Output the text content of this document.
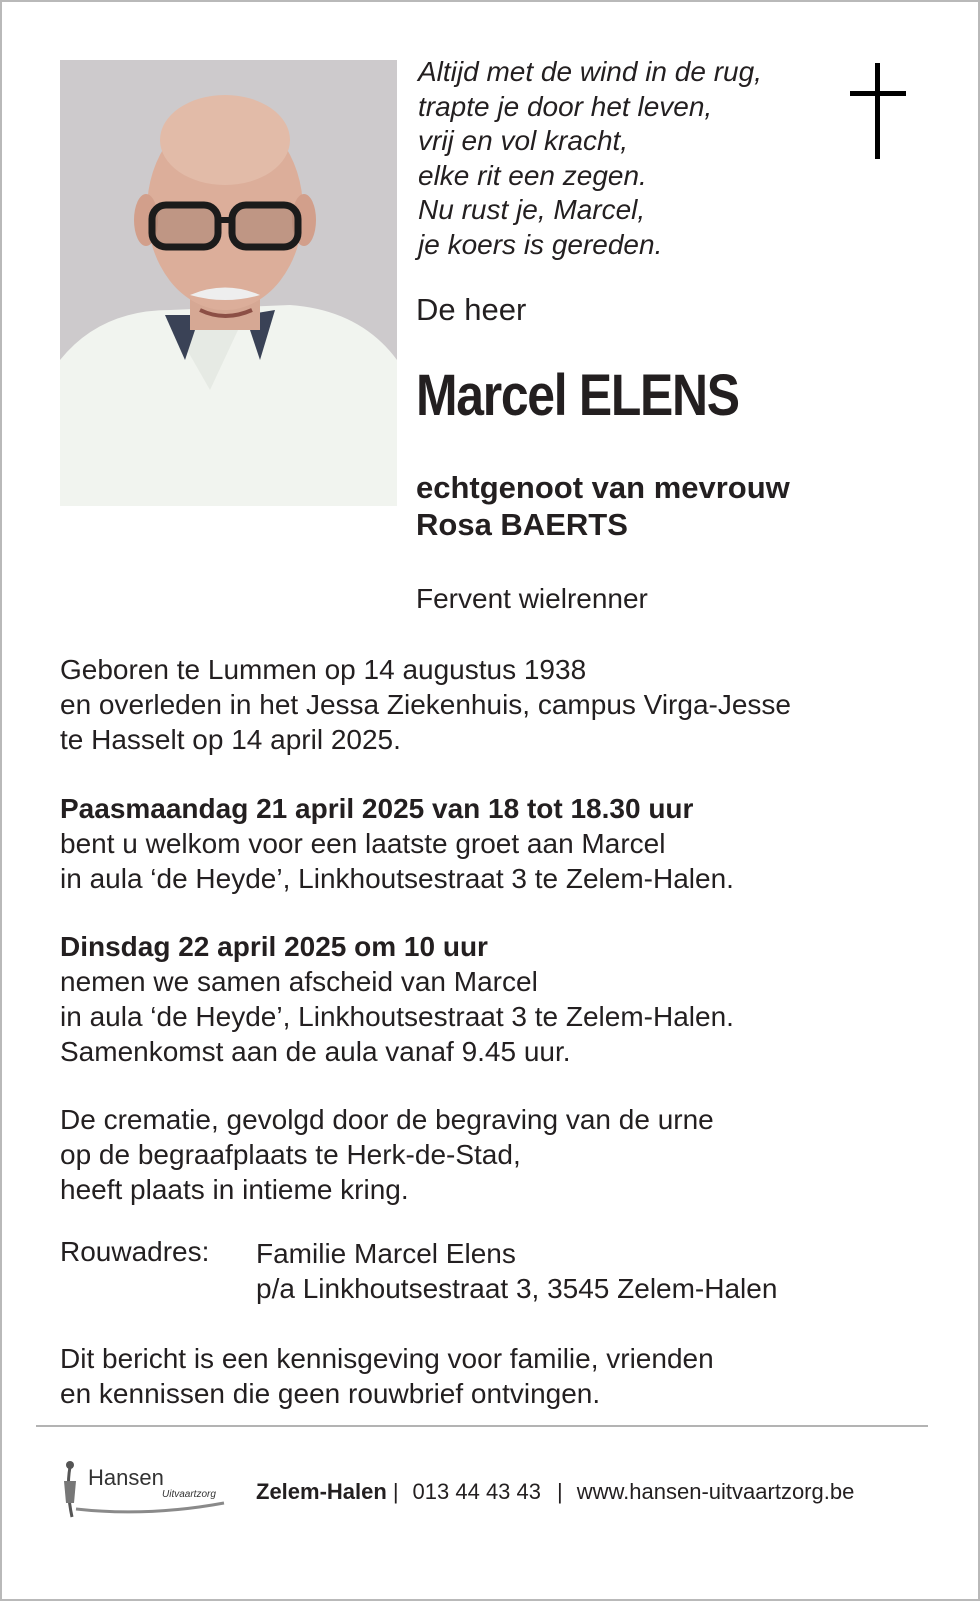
Altijd met de wind in de rug,
trapte je door het leven,
vrij en vol kracht,
elke rit een zegen.
Nu rust je, Marcel,
je koers is gereden.
De heer
Marcel ELENS
echtgenoot van mevrouw
Rosa BAERTS
Fervent wielrenner
Geboren te Lummen op 14 augustus 1938
en overleden in het Jessa Ziekenhuis, campus Virga-Jesse
te Hasselt op 14 april 2025.
Paasmaandag 21 april 2025 van 18 tot 18.30 uur
bent u welkom voor een laatste groet aan Marcel
in aula ‘de Heyde’, Linkhoutsestraat 3 te Zelem-Halen.
Dinsdag 22 april 2025 om 10 uur
nemen we samen afscheid van Marcel
in aula ‘de Heyde’, Linkhoutsestraat 3 te Zelem-Halen.
Samenkomst aan de aula vanaf 9.45 uur.
De crematie, gevolgd door de begraving van de urne
op de begraafplaats te Herk-de-Stad,
heeft plaats in intieme kring.
Rouwadres: Familie Marcel Elens
p/a Linkhoutsestraat 3, 3545 Zelem-Halen
Dit bericht is een kennisgeving voor familie, vrienden
en kennissen die geen rouwbrief ontvingen.
Hansen
Uitvaartzorg Zelem-Halen | 013 44 43 43 | www.hansen-uitvaartzorg.be
